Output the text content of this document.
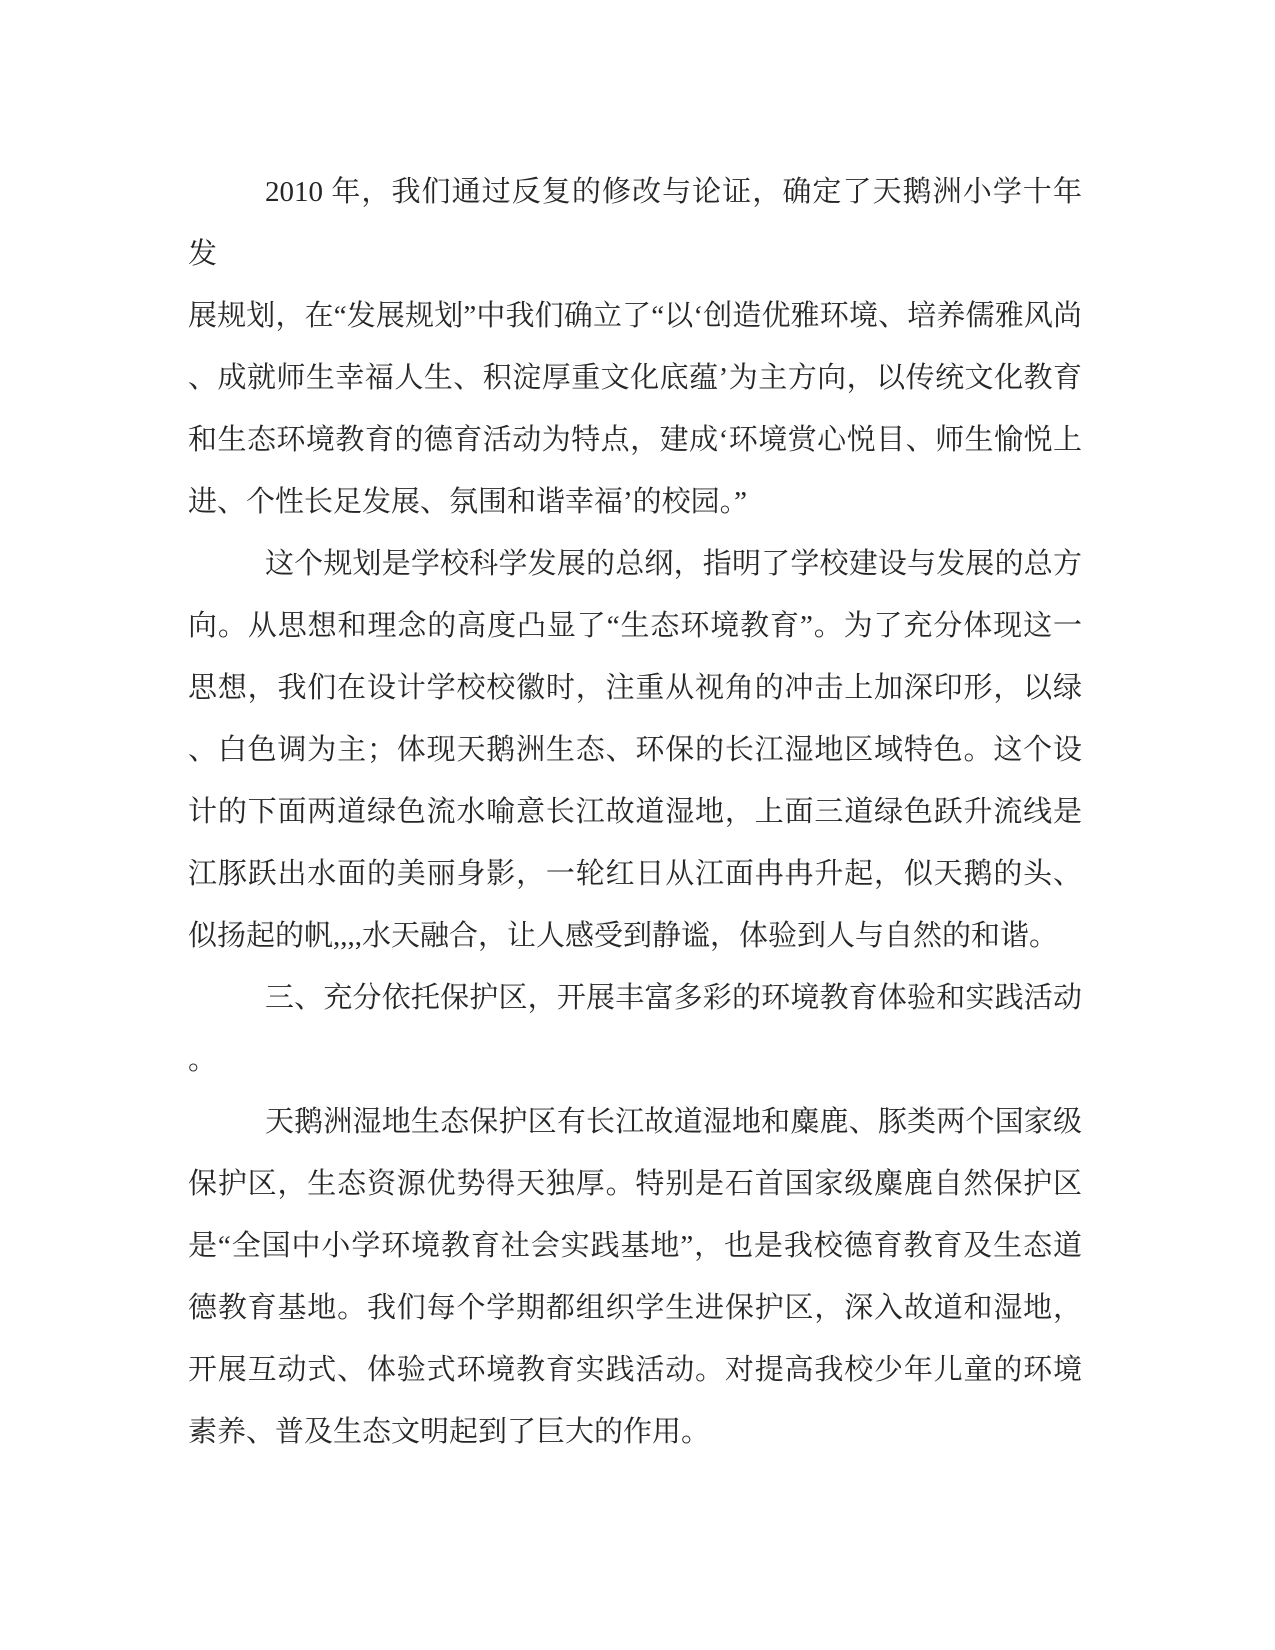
2010 年，我们通过反复的修改与论证，确定了天鹅洲小学十年发
展规划，在“发展规划”中我们确立了“以‘创造优雅环境、培养儒雅风尚
、成就师生幸福人生、积淀厚重文化底蕴’为主方向，以传统文化教育
和生态环境教育的德育活动为特点，建成‘环境赏心悦目、师生愉悦上
进、个性长足发展、氛围和谐幸福’的校园。”

这个规划是学校科学发展的总纲，指明了学校建设与发展的总方
向。从思想和理念的高度凸显了“生态环境教育”。为了充分体现这一
思想，我们在设计学校校徽时，注重从视角的冲击上加深印形，以绿
、白色调为主；体现天鹅洲生态、环保的长江湿地区域特色。这个设
计的下面两道绿色流水喻意长江故道湿地，上面三道绿色跃升流线是
江豚跃出水面的美丽身影，一轮红日从江面冉冉升起，似天鹅的头、
似扬起的帆,,,,水天融合，让人感受到静谧，体验到人与自然的和谐。

三、充分依托保护区，开展丰富多彩的环境教育体验和实践活动
。

天鹅洲湿地生态保护区有长江故道湿地和麋鹿、豚类两个国家级
保护区，生态资源优势得天独厚。特别是石首国家级麋鹿自然保护区
是“全国中小学环境教育社会实践基地”，也是我校德育教育及生态道
德教育基地。我们每个学期都组织学生进保护区，深入故道和湿地，
开展互动式、体验式环境教育实践活动。对提高我校少年儿童的环境
素养、普及生态文明起到了巨大的作用。
